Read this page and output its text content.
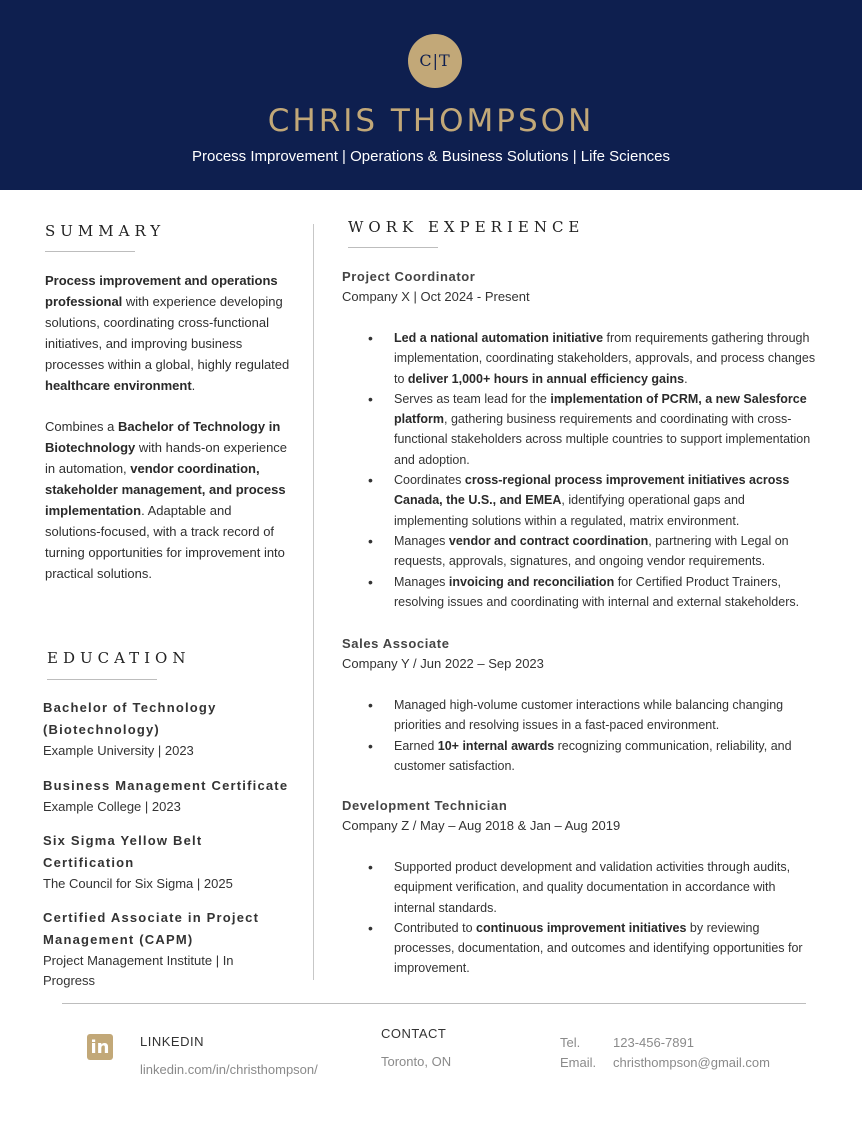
C|T
CHRIS THOMPSON
Process Improvement | Operations & Business Solutions | Life Sciences
SUMMARY

Process improvement and operations professional with experience developing solutions, coordinating cross-functional initiatives, and improving business processes within a global, highly regulated healthcare environment.

Combines a Bachelor of Technology in Biotechnology with hands-on experience in automation, vendor coordination, stakeholder management, and process implementation. Adaptable and solutions-focused, with a track record of turning opportunities for improvement into practical solutions.

EDUCATION
Bachelor of Technology (Biotechnology)
Example University | 2023
Business Management Certificate
Example College | 2023
Six Sigma Yellow Belt Certification
The Council for Six Sigma | 2025
Certified Associate in Project Management (CAPM)
Project Management Institute | In Progress
WORK EXPERIENCE
Project Coordinator
Company X | Oct 2024 - Present
• Led a national automation initiative from requirements gathering through implementation, coordinating stakeholders, approvals, and process changes to deliver 1,000+ hours in annual efficiency gains.
• Serves as team lead for the implementation of PCRM, a new Salesforce platform, gathering business requirements and coordinating with cross-functional stakeholders across multiple countries to support implementation and adoption.
• Coordinates cross-regional process improvement initiatives across Canada, the U.S., and EMEA, identifying operational gaps and implementing solutions within a regulated, matrix environment.
• Manages vendor and contract coordination, partnering with Legal on requests, approvals, signatures, and ongoing vendor requirements.
• Manages invoicing and reconciliation for Certified Product Trainers, resolving issues and coordinating with internal and external stakeholders.
Sales Associate
Company Y / Jun 2022 – Sep 2023
• Managed high-volume customer interactions while balancing changing priorities and resolving issues in a fast-paced environment.
• Earned 10+ internal awards recognizing communication, reliability, and customer satisfaction.
Development Technician
Company Z / May – Aug 2018 & Jan – Aug 2019
• Supported product development and validation activities through audits, equipment verification, and quality documentation in accordance with internal standards.
• Contributed to continuous improvement initiatives by reviewing processes, documentation, and outcomes and identifying opportunities for improvement.
in LINKEDIN
linkedin.com/in/christhompson/
CONTACT
Toronto, ON
Tel.	123-456-7891
Email. christhompson@gmail.com
